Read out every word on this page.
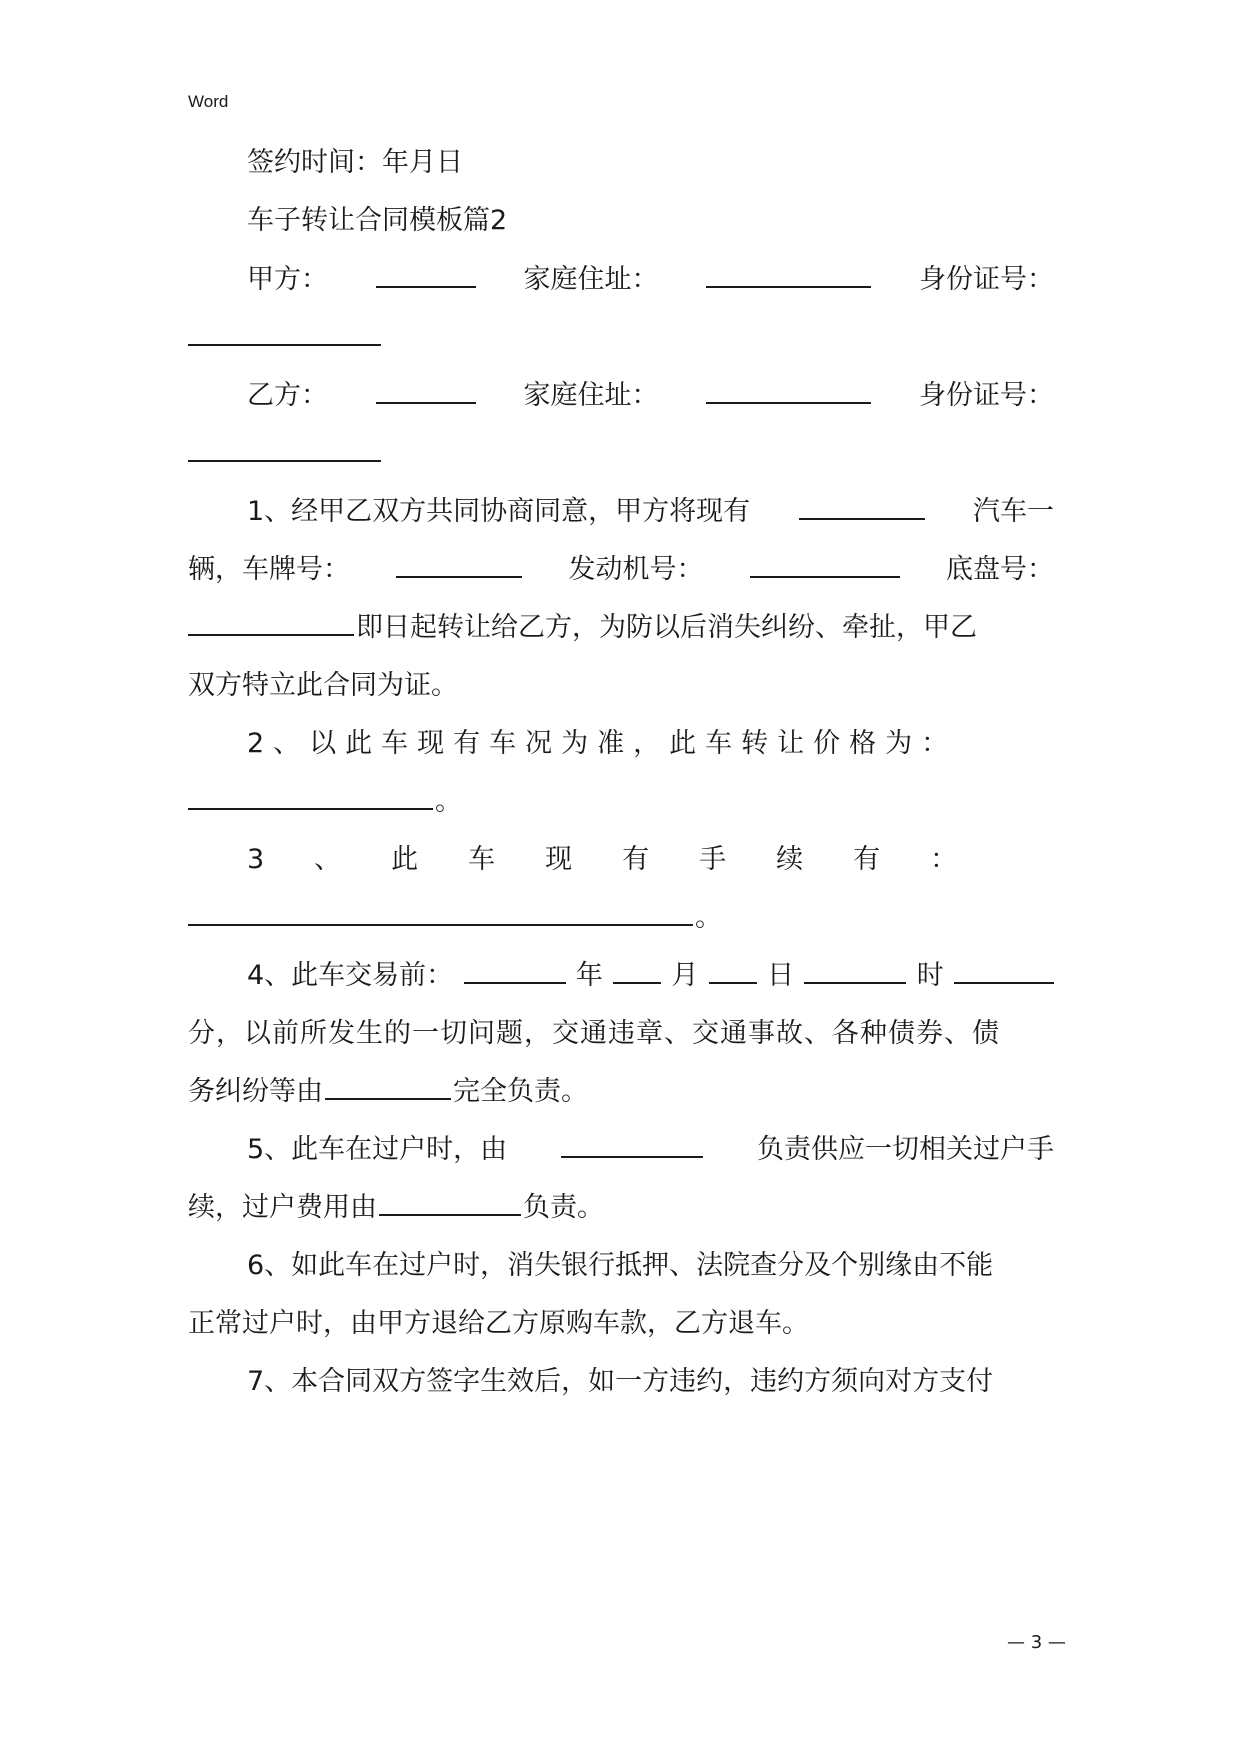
Word
签约时间：年月日
车子转让合同模板篇2
甲方：	家庭住址：	身份证号：
乙方：	家庭住址：	身份证号：
1、经甲乙双方共同协商同意，甲方将现有	汽车一
辆，车牌号：	发动机号：	底盘号：
即日起转让给乙方，为防以后消失纠纷、牵扯，甲乙
双方特立此合同为证。
2、以此车现有车况为准，此车转让价格为：
。
3、此车现有手续有：
。
4、此车交易前：	年	月	日	时
分，以前所发生的一切问题，交通违章、交通事故、各种债券、债
务纠纷等由	完全负责。
5、此车在过户时，由	负责供应一切相关过户手
续，过户费用由	负责。
6、如此车在过户时，消失银行抵押、法院查分及个别缘由不能
正常过户时，由甲方退给乙方原购车款，乙方退车。
7、本合同双方签字生效后，如一方违约，违约方须向对方支付
— 3 —
